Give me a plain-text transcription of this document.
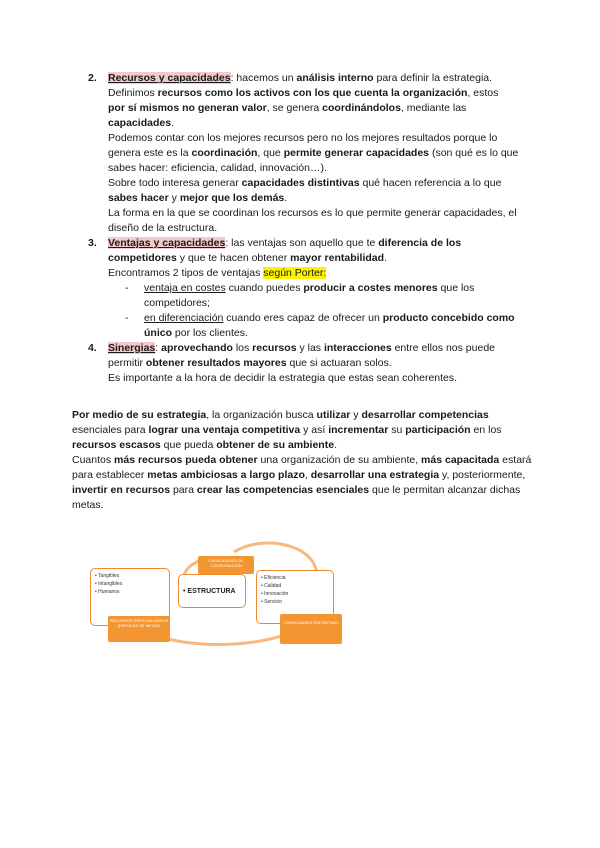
2. Recursos y capacidades: hacemos un análisis interno para definir la estrategia.
Definimos recursos como los activos con los que cuenta la organización, estos
por sí mismos no generan valor, se genera coordinándolos, mediante las
capacidades.

Podemos contar con los mejores recursos pero no los mejores resultados porque lo genera este es la coordinación, que permite generar capacidades (son qué es lo que sabes hacer: eficiencia, calidad, innovación…).

Sobre todo interesa generar capacidades distintivas qué hacen referencia a lo que sabes hacer y mejor que los demás.

La forma en la que se coordinan los recursos es lo que permite generar capacidades, el diseño de la estructura.

3. Ventajas y capacidades: las ventajas son aquello que te diferencia de los competidores y que te hacen obtener mayor rentabilidad.

Encontramos 2 tipos de ventajas según Porter:

- ventaja en costes cuando puedes producir a costes menores que los competidores;

- en diferenciación cuando eres capaz de ofrecer un producto concebido como único por los clientes.

4. Sinergias: aprovechando los recursos y las interacciones entre ellos nos puede permitir obtener resultados mayores que si actuaran solos.

Es importante a la hora de decidir la estrategia que estas sean coherentes.

Por medio de su estrategia, la organización busca utilizar y desarrollar competencias esenciales para lograr una ventaja competitiva y así incrementar su participación en los recursos escasos que pueda obtener de su ambiente.

Cuantos más recursos pueda obtener una organización de su ambiente, más capacitada estará para establecer metas ambiciosas a largo plazo, desarrollar una estrategia y, posteriormente, invertir en recursos para crear las competencias esenciales que le permitan alcanzar dichas metas.

• Tangibles
• Intangibles
• Humanos
RECURSOS ESPECIALIZADOS (DIFÍCILES DE IMITAR)
• ESTRUCTURA
CAPACIDADES DE COORDINACIÓN
• Eficiencia
• Calidad
• Innovación
• Servicio
CAPACIDADES DISTINTIVAS
